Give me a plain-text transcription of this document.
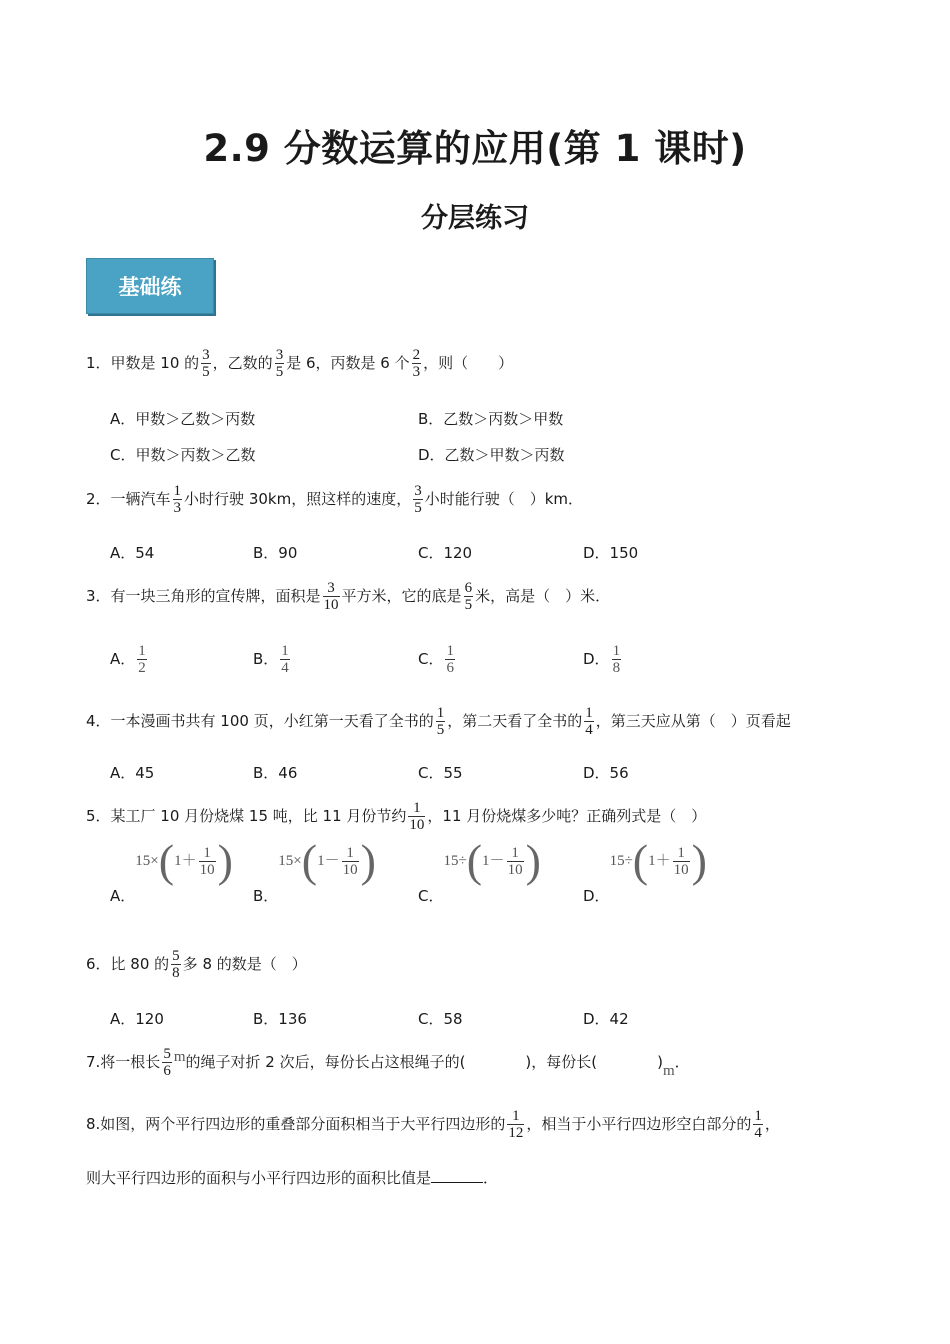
2.9 分数运算的应用(第 1 课时)
分层练习
基础练
1．甲数是 10 的 $\frac{3}{5}$ ，乙数的 $\frac{3}{5}$ 是 6，丙数是 6 个 $\frac{2}{3}$ ，则（　　）
A．甲数＞乙数＞丙数	B．乙数＞丙数＞甲数
C．甲数＞丙数＞乙数	D．乙数＞甲数＞丙数
2．一辆汽车 $\frac{1}{3}$ 小时行驶 30km，照这样的速度， $\frac{3}{5}$ 小时能行驶（　）km．
A．54	B．90	C．120	D．150
3．有一块三角形的宣传牌，面积是 $\frac{3}{10}$ 平方米，它的底是 $\frac{6}{5}$ 米，高是（　）米．
A． $\frac{1}{2}$	B． $\frac{1}{4}$	C． $\frac{1}{6}$	D． $\frac{1}{8}$
4．一本漫画书共有 100 页，小红第一天看了全书的 $\frac{1}{5}$ ，第二天看了全书的 $\frac{1}{4}$ ，第三天应从第（　）页看起
A．45	B．46	C．55	D．56
5．某工厂 10 月份烧煤 15 吨，比 11 月份节约 $\frac{1}{10}$ ，11 月份烧煤多少吨？正确列式是（　）
A．
15× ( $1+ \frac{1}{10}$ )
B．
15× ( $1- \frac{1}{10}$ )
C．
15÷ ( $1- \frac{1}{10}$ )
D．
15÷ ( $1+ \frac{1}{10}$ )
6．比 80 的 $\frac{5}{8}$ 多 8 的数是（　）
A．120	B．136	C．58	D．42
7.将一根长 $\frac{5}{6}$ m的绳子对折 2 次后，每份长占这根绳子的(　　　　)，每份长(　　　　)m．
8.如图，两个平行四边形的重叠部分面积相当于大平行四边形的 $\frac{1}{12}$ ，相当于小平行四边形空白部分的 $\frac{1}{4}$ ，
则大平行四边形的面积与小平行四边形的面积比值是	．
